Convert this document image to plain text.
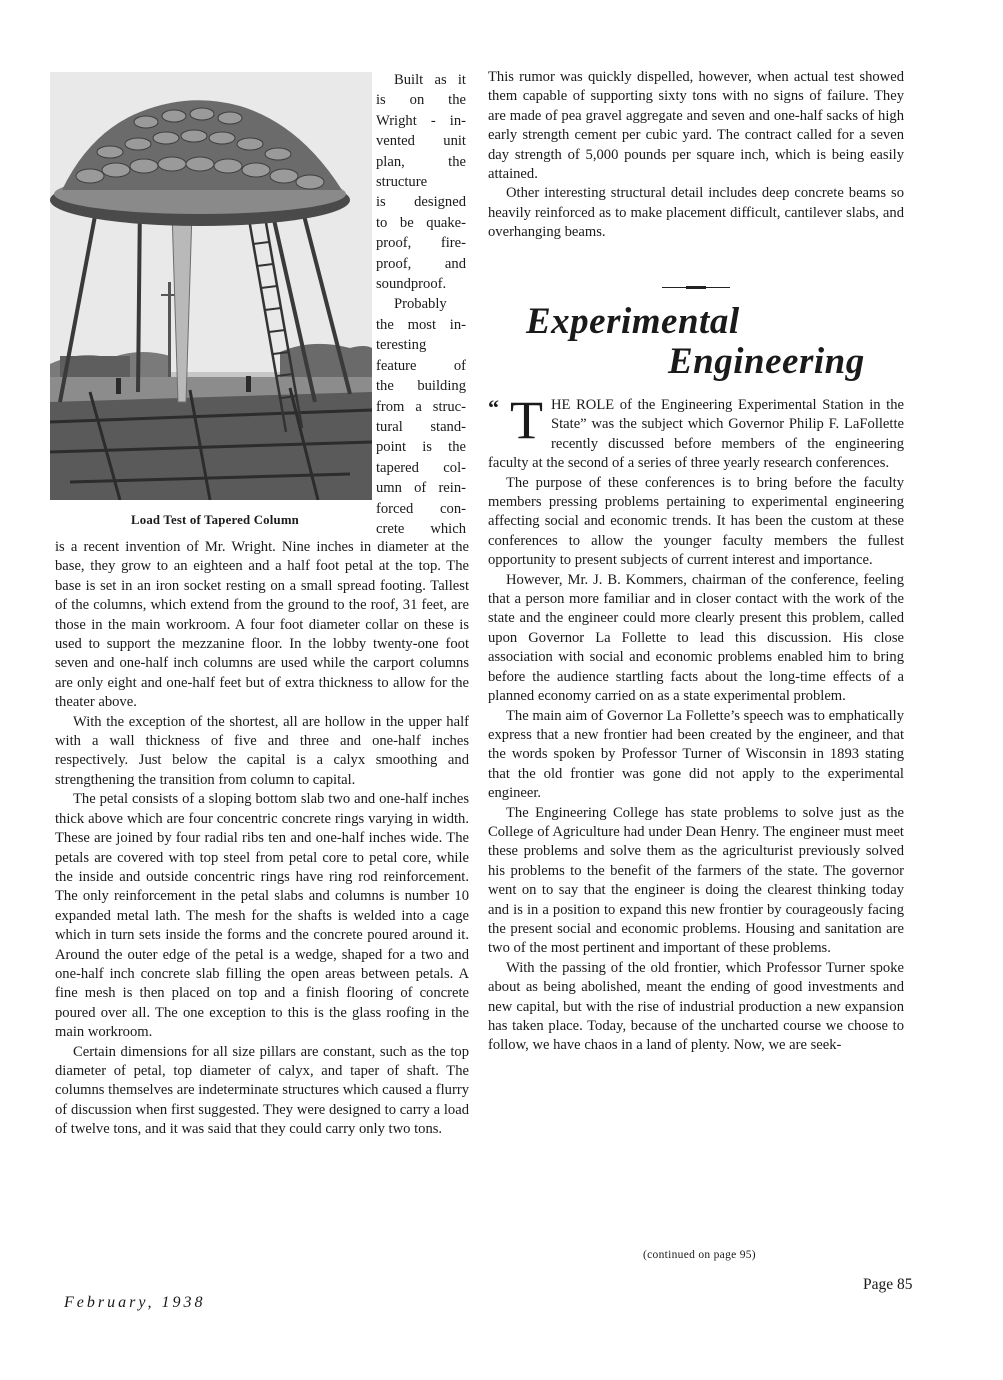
Load Test of Tapered Column
Built as it
is on the
Wright - in-
vented unit
plan, the
structure
is designed
to be quake-
proof, fire-
proof, and
soundproof.
Probably
the most in-
teresting
feature of
the building
from a struc-
tural stand-
point is the
tapered col-
umn of rein-
forced con-
crete which

is a recent invention of Mr. Wright. Nine inches in diameter at the base, they grow to an eighteen and a half foot petal at the top. The base is set in an iron socket resting on a small spread footing. Tallest of the columns, which extend from the ground to the roof, 31 feet, are those in the main workroom. A four foot diameter collar on these is used to support the mezzanine floor. In the lobby twenty-one foot seven and one-half inch columns are used while the carport columns are only eight and one-half feet but of extra thickness to allow for the theater above.

With the exception of the shortest, all are hollow in the upper half with a wall thickness of five and three and one-half inches respectively. Just below the capital is a calyx smoothing and strengthening the transition from column to capital.

The petal consists of a sloping bottom slab two and one-half inches thick above which are four concentric concrete rings varying in width. These are joined by four radial ribs ten and one-half inches wide. The petals are covered with top steel from petal core to petal core, while the inside and outside concentric rings have ring rod reinforcement. The only reinforcement in the petal slabs and columns is number 10 expanded metal lath. The mesh for the shafts is welded into a cage which in turn sets inside the forms and the concrete poured around it. Around the outer edge of the petal is a wedge, shaped for a two and one-half inch concrete slab filling the open areas between petals. A fine mesh is then placed on top and a finish flooring of concrete poured over all. The one exception to this is the glass roofing in the main workroom.

Certain dimensions for all size pillars are constant, such as the top diameter of petal, top diameter of calyx, and taper of shaft. The columns themselves are indeterminate structures which caused a flurry of discussion when first suggested. They were designed to carry a load of twelve tons, and it was said that they could carry only two tons.

This rumor was quickly dispelled, however, when actual test showed them capable of supporting sixty tons with no signs of failure. They are made of pea gravel aggregate and seven and one-half sacks of high early strength cement per cubic yard. The contract called for a seven day strength of 5,000 pounds per square inch, which is being easily attained.

Other interesting structural detail includes deep concrete beams so heavily reinforced as to make placement difficult, cantilever slabs, and overhanging beams.

Experimental
Engineering
“ T HE ROLE of the Engineering Experimental Station in the State” was the subject which Governor Philip F. LaFollette recently discussed before members of the engineering faculty at the second of a series of three yearly research conferences.

The purpose of these conferences is to bring before the faculty members pressing problems pertaining to experimental engineering affecting social and economic trends. It has been the custom at these conferences to allow the younger faculty members the fullest opportunity to present subjects of current interest and importance.

However, Mr. J. B. Kommers, chairman of the conference, feeling that a person more familiar and in closer contact with the work of the state and the engineer could more clearly present this problem, called upon Governor La Follette to lead this discussion. His close association with social and economic problems enabled him to bring before the audience startling facts about the long-time effects of a planned economy carried on as a state experimental problem.

The main aim of Governor La Follette’s speech was to emphatically express that a new frontier had been created by the engineer, and that the words spoken by Professor Turner of Wisconsin in 1893 stating that the old frontier was gone did not apply to the experimental engineer.

The Engineering College has state problems to solve just as the College of Agriculture had under Dean Henry. The engineer must meet these problems and solve them as the agriculturist previously solved his problems to the benefit of the farmers of the state. The governor went on to say that the engineer is doing the clearest thinking today and is in a position to expand this new frontier by courageously facing the present social and economic problems. Housing and sanitation are two of the most pertinent and important of these problems.

With the passing of the old frontier, which Professor Turner spoke about as being abolished, meant the ending of good investments and new capital, but with the rise of industrial production a new expansion has taken place. Today, because of the uncharted course we choose to follow, we have chaos in a land of plenty. Now, we are seek-

(continued on page 95)
February, 1938
Page 85
